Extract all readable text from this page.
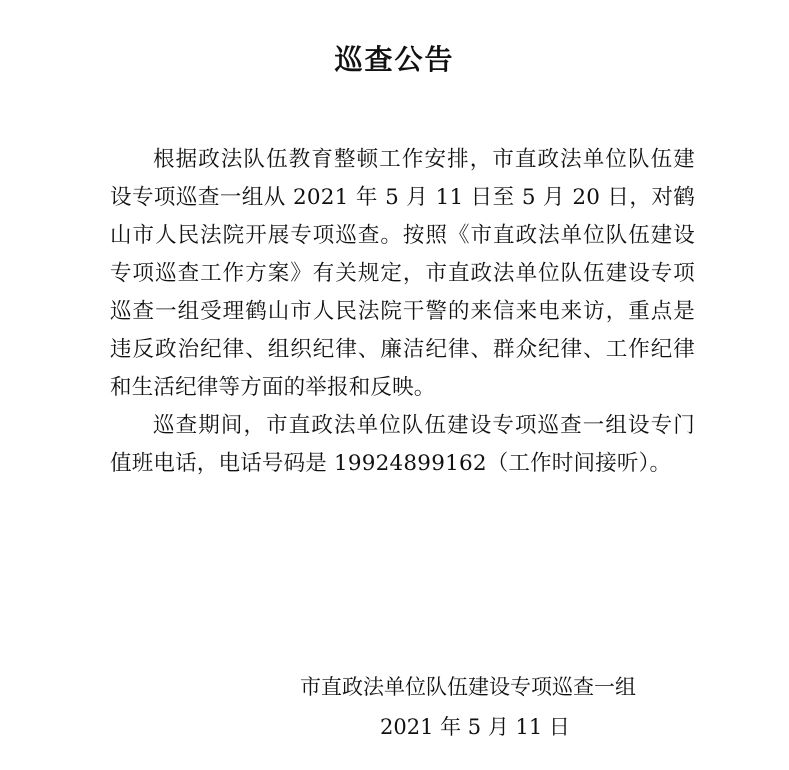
巡查公告

根据政法队伍教育整顿工作安排，市直政法单位队伍建设专项巡查一组从 2021 年 5 月 11 日至 5 月 20 日，对鹤山市人民法院开展专项巡查。按照《市直政法单位队伍建设专项巡查工作方案》有关规定，市直政法单位队伍建设专项巡查一组受理鹤山市人民法院干警的来信来电来访，重点是违反政治纪律、组织纪律、廉洁纪律、群众纪律、工作纪律和生活纪律等方面的举报和反映。

巡查期间，市直政法单位队伍建设专项巡查一组设专门值班电话，电话号码是 19924899162（工作时间接听）。

市直政法单位队伍建设专项巡查一组
2021 年 5 月 11 日
